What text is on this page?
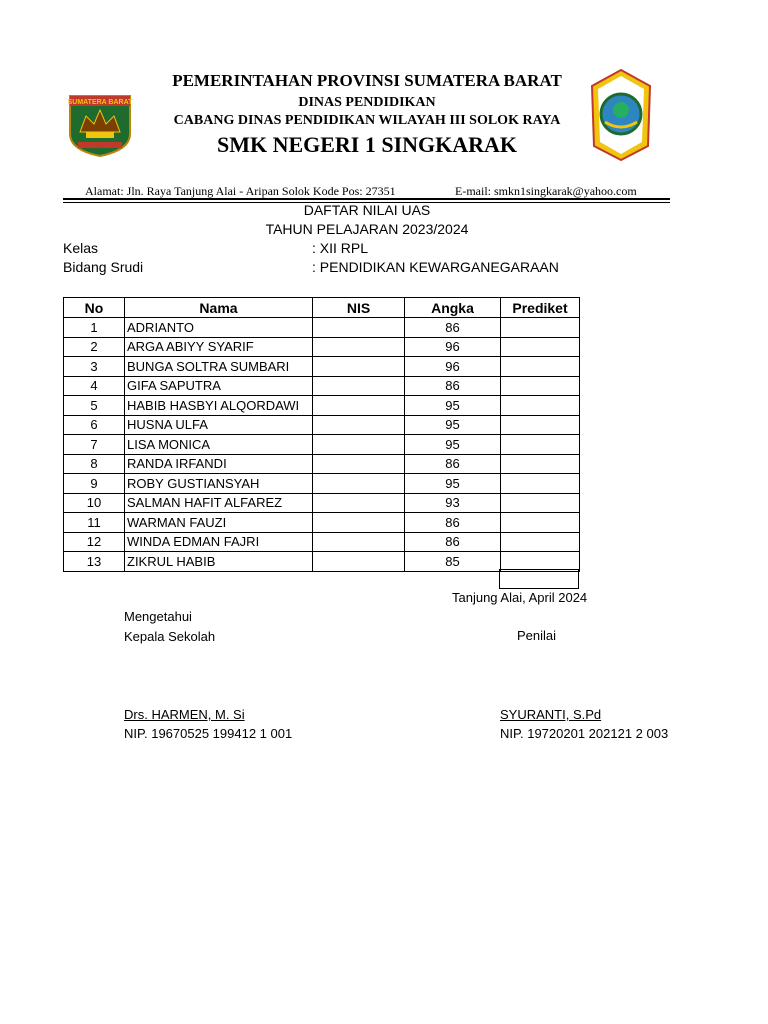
SUMATERA BARAT
PEMERINTAHAN PROVINSI SUMATERA BARAT
DINAS PENDIDIKAN
CABANG DINAS PENDIDIKAN WILAYAH III SOLOK RAYA
SMK NEGERI 1 SINGKARAK
Alamat: Jln. Raya Tanjung Alai - Aripan Solok Kode Pos: 27351	E-mail: smkn1singkarak@yahoo.com
DAFTAR NILAI UAS
TAHUN PELAJARAN 2023/2024
Kelas	: XII RPL
Bidang Srudi	: PENDIDIKAN KEWARGANEGARAAN
No	Nama	NIS	Angka	Prediket
1	ADRIANTO		86	
2	ARGA ABIYY SYARIF		96	
3	BUNGA SOLTRA SUMBARI		96	
4	GIFA SAPUTRA		86	
5	HABIB HASBYI ALQORDAWI		95	
6	HUSNA ULFA		95	
7	LISA MONICA		95	
8	RANDA IRFANDI		86	
9	ROBY GUSTIANSYAH		95	
10	SALMAN HAFIT ALFAREZ		93	
11	WARMAN FAUZI		86	
12	WINDA EDMAN FAJRI		86	
13	ZIKRUL HABIB		85	
Tanjung Alai, April 2024
Mengetahui
Kepala Sekolah	Penilai
Drs. HARMEN, M. Si
NIP. 19670525 199412 1 001
SYURANTI, S.Pd
NIP. 19720201 202121 2 003
